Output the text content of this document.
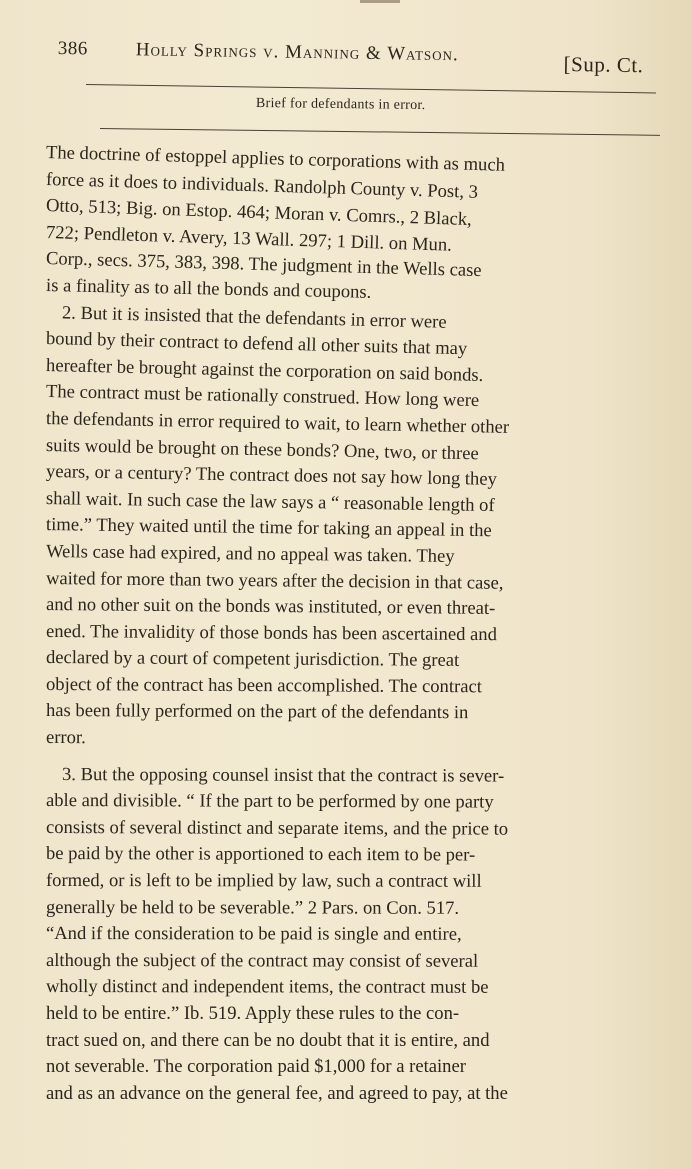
386	Holly Springs v. Manning & Watson.	[Sup. Ct.
Brief for defendants in error.
The doctrine of estoppel applies to corporations with as much
force as it does to individuals. Randolph County v. Post, 3
Otto, 513; Big. on Estop. 464; Moran v. Comrs., 2 Black,
722; Pendleton v. Avery, 13 Wall. 297; 1 Dill. on Mun.
Corp., secs. 375, 383, 398. The judgment in the Wells case
is a finality as to all the bonds and coupons.
2. But it is insisted that the defendants in error were
bound by their contract to defend all other suits that may
hereafter be brought against the corporation on said bonds.
The contract must be rationally construed. How long were
the defendants in error required to wait, to learn whether other
suits would be brought on these bonds? One, two, or three
years, or a century? The contract does not say how long they
shall wait. In such case the law says a “ reasonable length of
time.” They waited until the time for taking an appeal in the
Wells case had expired, and no appeal was taken. They
waited for more than two years after the decision in that case,
and no other suit on the bonds was instituted, or even threat-
ened. The invalidity of those bonds has been ascertained and
declared by a court of competent jurisdiction. The great
object of the contract has been accomplished. The contract
has been fully performed on the part of the defendants in
error.
3. But the opposing counsel insist that the contract is sever-
able and divisible. “ If the part to be performed by one party
consists of several distinct and separate items, and the price to
be paid by the other is apportioned to each item to be per-
formed, or is left to be implied by law, such a contract will
generally be held to be severable.” 2 Pars. on Con. 517.
“And if the consideration to be paid is single and entire,
although the subject of the contract may consist of several
wholly distinct and independent items, the contract must be
held to be entire.” Ib. 519. Apply these rules to the con-
tract sued on, and there can be no doubt that it is entire, and
not severable. The corporation paid $1,000 for a retainer
and as an advance on the general fee, and agreed to pay, at the
